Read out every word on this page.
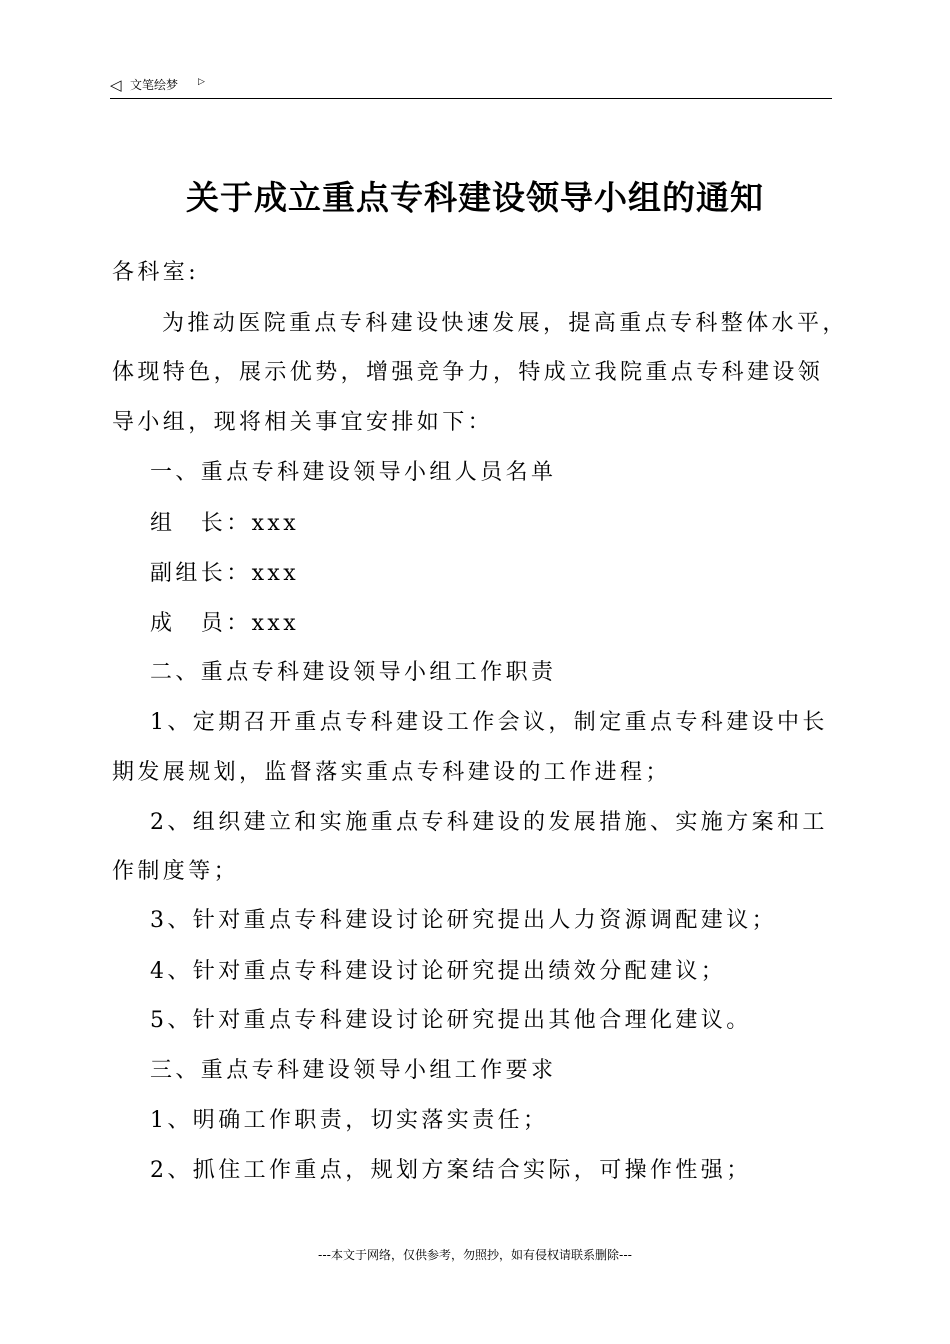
◁ 文笔绘梦 ▷
关于成立重点专科建设领导小组的通知
各科室:
为推动医院重点专科建设快速发展，提高重点专科整体水平，
体现特色，展示优势，增强竞争力，特成立我院重点专科建设领
导小组，现将相关事宜安排如下：
一、重点专科建设领导小组人员名单
组　长：xxx
副组长：xxx
成　员：xxx
二、重点专科建设领导小组工作职责
1、定期召开重点专科建设工作会议，制定重点专科建设中长
期发展规划，监督落实重点专科建设的工作进程；
2、组织建立和实施重点专科建设的发展措施、实施方案和工
作制度等；
3、针对重点专科建设讨论研究提出人力资源调配建议；
4、针对重点专科建设讨论研究提出绩效分配建议；
5、针对重点专科建设讨论研究提出其他合理化建议。
三、重点专科建设领导小组工作要求
1、明确工作职责，切实落实责任；
2、抓住工作重点，规划方案结合实际，可操作性强；
---本文于网络，仅供参考，勿照抄，如有侵权请联系删除---
